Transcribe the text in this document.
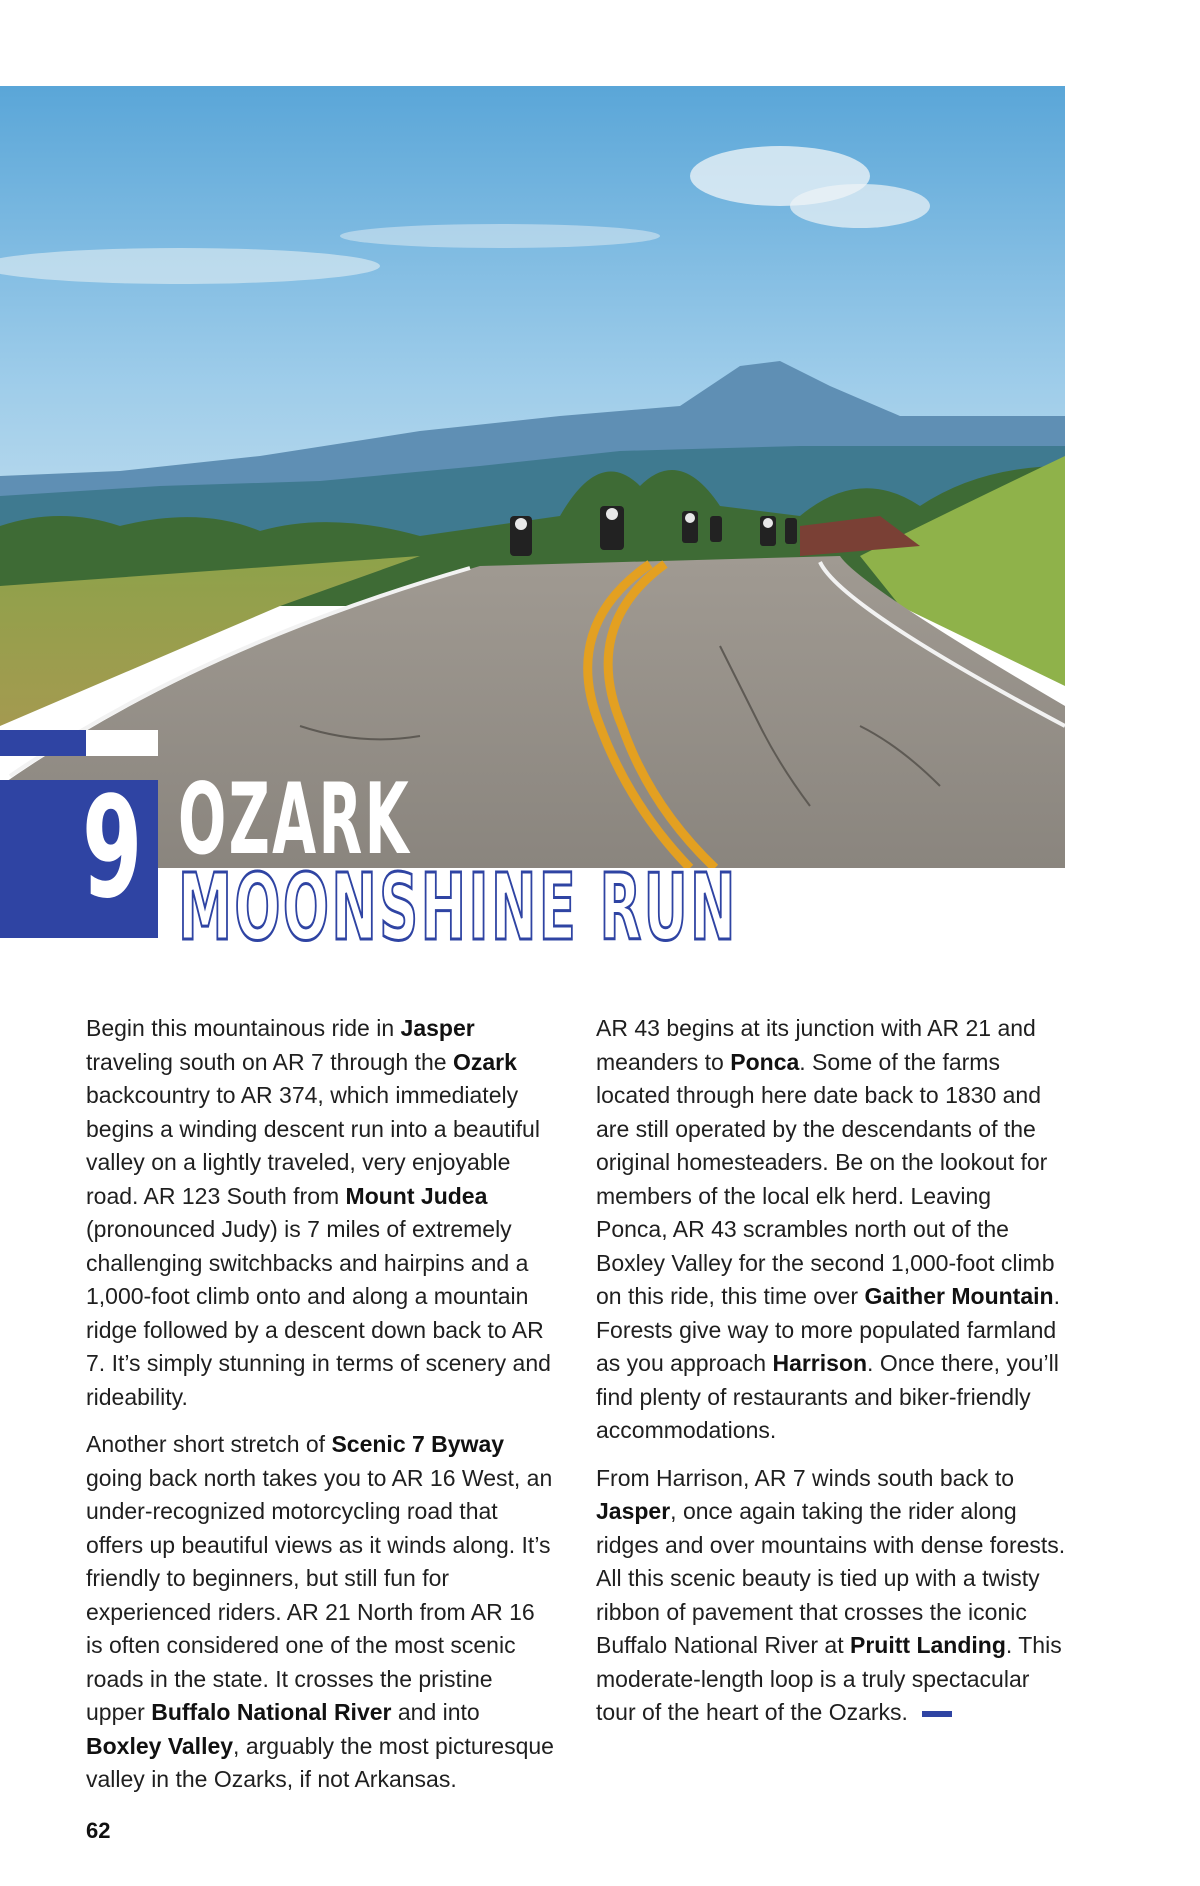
9 OZARK
MOONSHINE RUN

Begin this mountainous ride in Jasper traveling south on AR 7 through the Ozark backcountry to AR 374, which immediately begins a winding descent run into a beautiful valley on a lightly traveled, very enjoyable road. AR 123 South from Mount Judea (pronounced Judy) is 7 miles of extremely challenging switchbacks and hairpins and a 1,000-foot climb onto and along a mountain ridge followed by a descent down back to AR 7. It’s simply stunning in terms of scenery and rideability.

Another short stretch of Scenic 7 Byway going back north takes you to AR 16 West, an under-recognized motorcycling road that offers up beautiful views as it winds along. It’s friendly to beginners, but still fun for experienced riders. AR 21 North from AR 16 is often considered one of the most scenic roads in the state. It crosses the pristine upper Buffalo National River and into Boxley Valley, arguably the most picturesque valley in the Ozarks, if not Arkansas.

AR 43 begins at its junction with AR 21 and meanders to Ponca. Some of the farms located through here date back to 1830 and are still operated by the descendants of the original homesteaders. Be on the lookout for members of the local elk herd. Leaving Ponca, AR 43 scrambles north out of the Boxley Valley for the second 1,000-foot climb on this ride, this time over Gaither Mountain. Forests give way to more populated farmland as you approach Harrison. Once there, you’ll find plenty of restaurants and biker-friendly accommodations.

From Harrison, AR 7 winds south back to Jasper, once again taking the rider along ridges and over mountains with dense forests. All this scenic beauty is tied up with a twisty ribbon of pavement that crosses the iconic Buffalo National River at Pruitt Landing. This moderate-length loop is a truly spectacular tour of the heart of the Ozarks.

62
